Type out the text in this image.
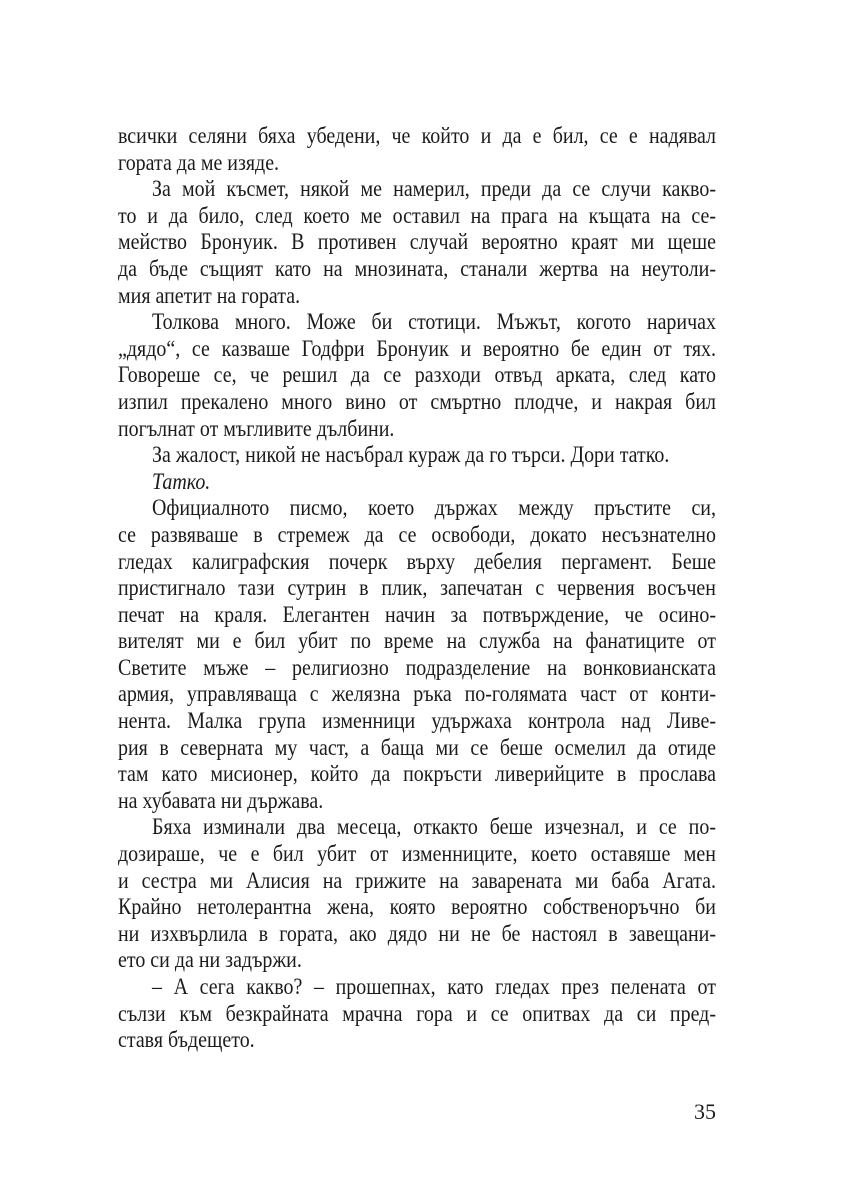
всички селяни бяха убедени, че който и да е бил, се е надявал
гората да ме изяде.
За мой късмет, някой ме намерил, преди да се случи какво-
то и да било, след което ме оставил на прага на къщата на се-
мейство Бронуик. В противен случай вероятно краят ми щеше
да бъде същият като на мнозината, станали жертва на неутоли-
мия апетит на гората.
Толкова много. Може би стотици. Мъжът, когото наричах
„дядо“, се казваше Годфри Бронуик и вероятно бе един от тях.
Говореше се, че решил да се разходи отвъд арката, след като
изпил прекалено много вино от смъртно плодче, и накрая бил
погълнат от мъгливите дълбини.
За жалост, никой не насъбрал кураж да го търси. Дори татко.
Татко.
Официалното писмо, което държах между пръстите си,
се развяваше в стремеж да се освободи, докато несъзнателно
гледах калиграфския почерк върху дебелия пергамент. Беше
пристигнало тази сутрин в плик, запечатан с червения восъчен
печат на краля. Елегантен начин за потвърждение, че осино-
вителят ми е бил убит по време на служба на фанатиците от
Светите мъже – религиозно подразделение на вонковианската
армия, управляваща с желязна ръка по-голямата част от конти-
нента. Малка група изменници удържаха контрола над Ливе-
рия в северната му част, а баща ми се беше осмелил да отиде
там като мисионер, който да покръсти ливерийците в прослава
на хубавата ни държава.
Бяха изминали два месеца, откакто беше изчезнал, и се по-
дозираше, че е бил убит от изменниците, което оставяше мен
и сестра ми Алисия на грижите на заварената ми баба Агата.
Крайно нетолерантна жена, която вероятно собственоръчно би
ни изхвърлила в гората, ако дядо ни не бе настоял в завещани-
ето си да ни задържи.
– А сега какво? – прошепнах, като гледах през пелената от
сълзи към безкрайната мрачна гора и се опитвах да си пред-
ставя бъдещето.
35
